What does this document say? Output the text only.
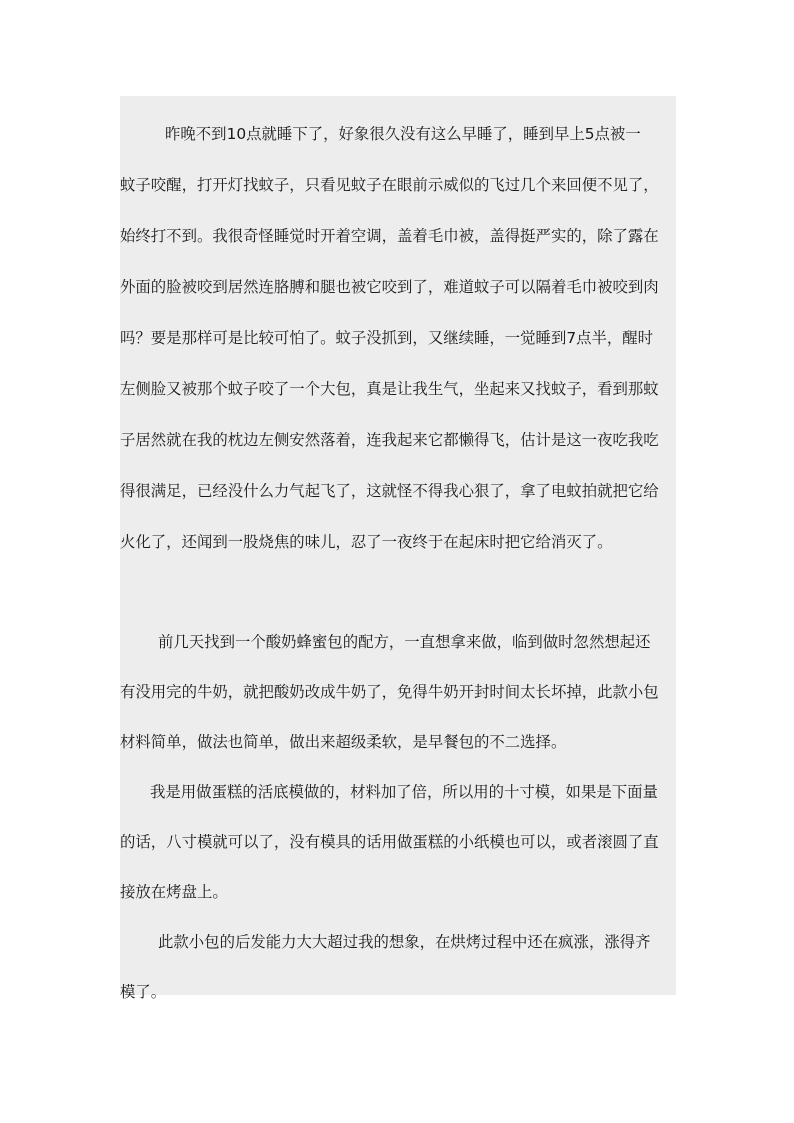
昨晚不到10点就睡下了，好象很久没有这么早睡了，睡到早上5点被一
蚊子咬醒，打开灯找蚊子，只看见蚊子在眼前示威似的飞过几个来回便不见了，
始终打不到。我很奇怪睡觉时开着空调，盖着毛巾被，盖得挺严实的，除了露在
外面的脸被咬到居然连胳膊和腿也被它咬到了，难道蚊子可以隔着毛巾被咬到肉
吗？要是那样可是比较可怕了。蚊子没抓到，又继续睡，一觉睡到7点半，醒时
左侧脸又被那个蚊子咬了一个大包，真是让我生气，坐起来又找蚊子，看到那蚊
子居然就在我的枕边左侧安然落着，连我起来它都懒得飞，估计是这一夜吃我吃
得很满足，已经没什么力气起飞了，这就怪不得我心狠了，拿了电蚊拍就把它给
火化了，还闻到一股烧焦的味儿，忍了一夜终于在起床时把它给消灭了。
前几天找到一个酸奶蜂蜜包的配方，一直想拿来做，临到做时忽然想起还
有没用完的牛奶，就把酸奶改成牛奶了，免得牛奶开封时间太长坏掉，此款小包
材料简单，做法也简单，做出来超级柔软，是早餐包的不二选择。
我是用做蛋糕的活底模做的，材料加了倍，所以用的十寸模，如果是下面量
的话，八寸模就可以了，没有模具的话用做蛋糕的小纸模也可以，或者滚圆了直
接放在烤盘上。
此款小包的后发能力大大超过我的想象，在烘烤过程中还在疯涨，涨得齐
模了。
